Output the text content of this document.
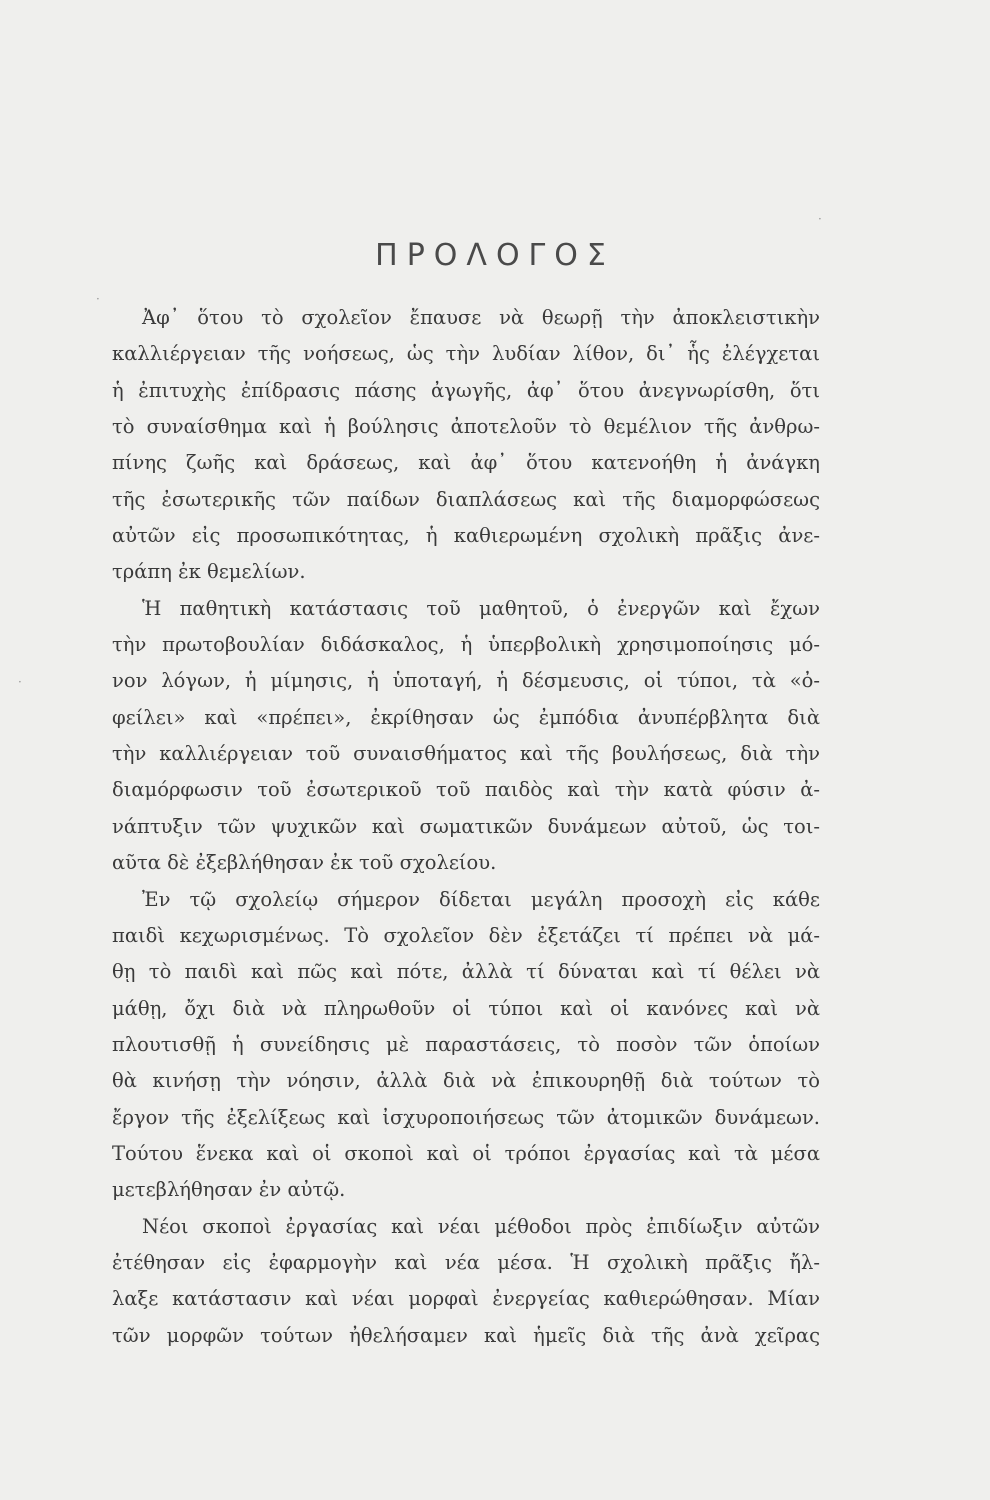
ΠΡΟΛΟΓΟΣ
Ἀφ᾽ ὅτου τὸ σχολεῖον ἔπαυσε νὰ θεωρῇ τὴν ἀποκλειστικὴν
καλλιέργειαν τῆς νοήσεως, ὡς τὴν λυδίαν λίθον, δι᾽ ἧς ἐλέγχεται
ἡ ἐπιτυχὴς ἐπίδρασις πάσης ἀγωγῆς, ἀφ᾽ ὅτου ἀνεγνωρίσθη, ὅτι
τὸ συναίσθημα καὶ ἡ βούλησις ἀποτελοῦν τὸ θεμέλιον τῆς ἀνθρω-
πίνης ζωῆς καὶ δράσεως, καὶ ἀφ᾽ ὅτου κατενοήθη ἡ ἀνάγκη
τῆς ἐσωτερικῆς τῶν παίδων διαπλάσεως καὶ τῆς διαμορφώσεως
αὐτῶν εἰς προσωπικότητας, ἡ καθιερωμένη σχολικὴ πρᾶξις ἀνε-
τράπη ἐκ θεμελίων.
Ἡ παθητικὴ κατάστασις τοῦ μαθητοῦ, ὁ ἐνεργῶν καὶ ἔχων
τὴν πρωτοβουλίαν διδάσκαλος, ἡ ὑπερβολικὴ χρησιμοποίησις μό-
νον λόγων, ἡ μίμησις, ἡ ὑποταγή, ἡ δέσμευσις, οἱ τύποι, τὰ «ὀ-
φείλει» καὶ «πρέπει», ἐκρίθησαν ὡς ἐμπόδια ἀνυπέρβλητα διὰ
τὴν καλλιέργειαν τοῦ συναισθήματος καὶ τῆς βουλήσεως, διὰ τὴν
διαμόρφωσιν τοῦ ἐσωτερικοῦ τοῦ παιδὸς καὶ τὴν κατὰ φύσιν ἀ-
νάπτυξιν τῶν ψυχικῶν καὶ σωματικῶν δυνάμεων αὐτοῦ, ὡς τοι-
αῦτα δὲ ἐξεβλήθησαν ἐκ τοῦ σχολείου.
Ἐν τῷ σχολείῳ σήμερον δίδεται μεγάλη προσοχὴ εἰς κάθε
παιδὶ κεχωρισμένως. Τὸ σχολεῖον δὲν ἐξετάζει τί πρέπει νὰ μά-
θῃ τὸ παιδὶ καὶ πῶς καὶ πότε, ἀλλὰ τί δύναται καὶ τί θέλει νὰ
μάθῃ, ὄχι διὰ νὰ πληρωθοῦν οἱ τύποι καὶ οἱ κανόνες καὶ νὰ
πλουτισθῇ ἡ συνείδησις μὲ παραστάσεις, τὸ ποσὸν τῶν ὁποίων
θὰ κινήσῃ τὴν νόησιν, ἀλλὰ διὰ νὰ ἐπικουρηθῇ διὰ τούτων τὸ
ἔργον τῆς ἐξελίξεως καὶ ἰσχυροποιήσεως τῶν ἀτομικῶν δυνάμεων.
Τούτου ἕνεκα καὶ οἱ σκοποὶ καὶ οἱ τρόποι ἐργασίας καὶ τὰ μέσα
μετεβλήθησαν ἐν αὐτῷ.
Νέοι σκοποὶ ἐργασίας καὶ νέαι μέθοδοι πρὸς ἐπιδίωξιν αὐτῶν
ἐτέθησαν εἰς ἐφαρμογὴν καὶ νέα μέσα. Ἡ σχολικὴ πρᾶξις ἤλ-
λαξε κατάστασιν καὶ νέαι μορφαὶ ἐνεργείας καθιερώθησαν. Μίαν
τῶν μορφῶν τούτων ἠθελήσαμεν καὶ ἡμεῖς διὰ τῆς ἀνὰ χεῖρας
·
·
·
